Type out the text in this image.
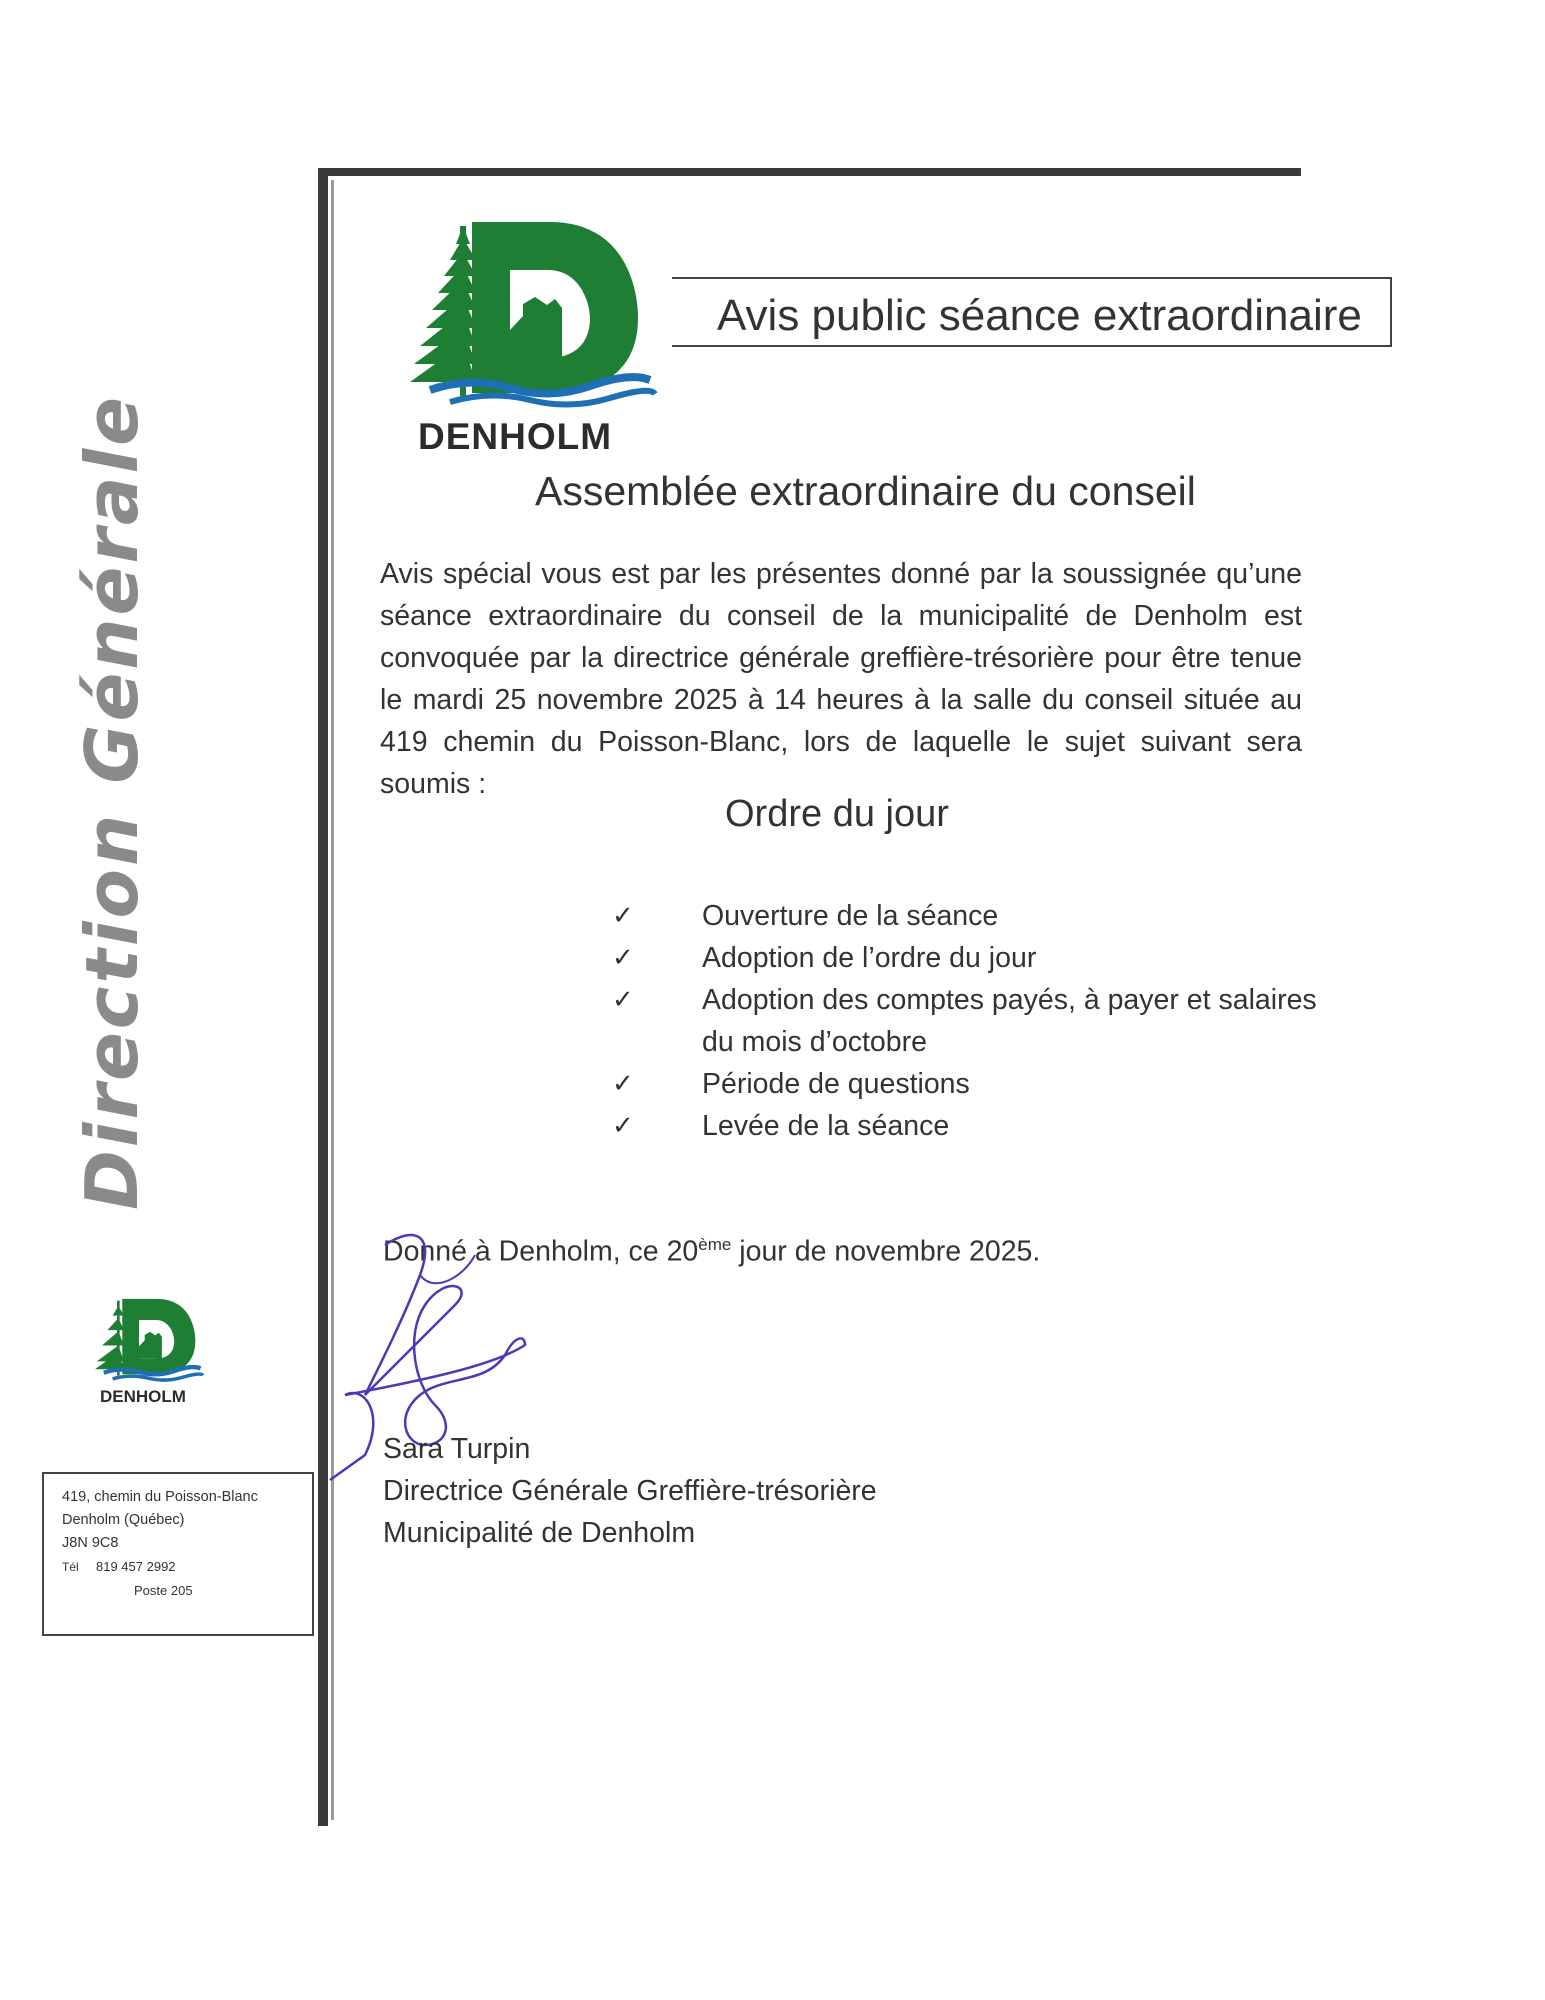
Direction Générale	DENHOLM
DENHOLM
Avis public séance extraordinaire
Assemblée extraordinaire du conseil
Avis spécial vous est par les présentes donné par la soussignée qu’une séance extraordinaire du conseil de la municipalité de Denholm est convoquée par la directrice générale greffière-trésorière pour être tenue le mardi 25 novembre 2025 à 14 heures à la salle du conseil située au 419 chemin du Poisson-Blanc, lors de laquelle le sujet suivant sera soumis :
Ordre du jour
✓	Ouverture de la séance
✓	Adoption de l’ordre du jour
✓	Adoption des comptes payés, à payer et salaires du mois d’octobre
✓	Période de questions
✓	Levée de la séance
Donné à Denholm, ce 20ème jour de novembre 2025.
Sara Turpin
Directrice Générale Greffière-trésorière
Municipalité de Denholm
419, chemin du Poisson-Blanc
Denholm (Québec)
J8N 9C8
Tél 819 457 2992
Poste 205
